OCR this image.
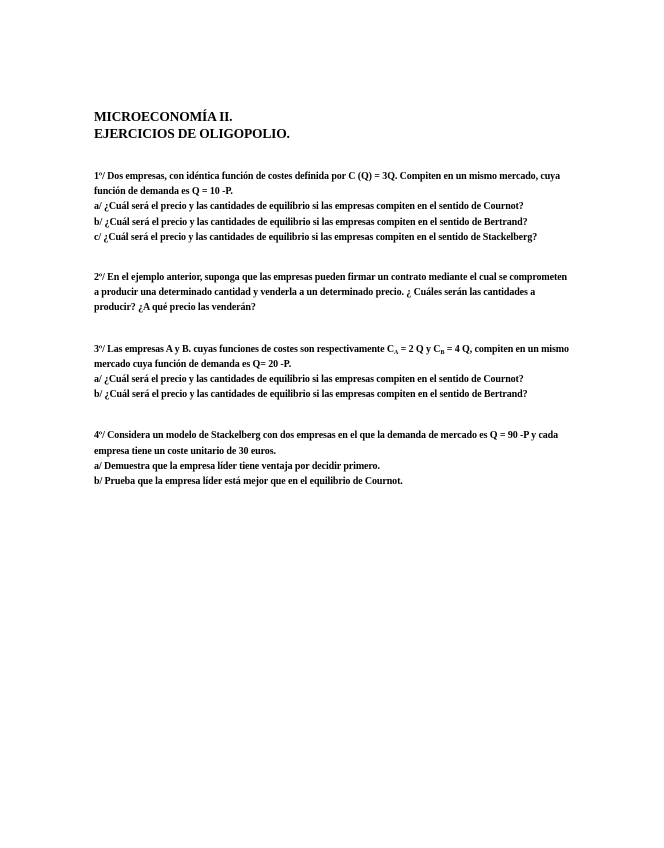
MICROECONOMÍA II.
EJERCICIOS DE OLIGOPOLIO.

1º/ Dos empresas, con idéntica función de costes definida por C (Q) = 3Q. Compiten en un mismo mercado, cuya función de demanda es Q = 10 -P.

a/ ¿Cuál será el precio y las cantidades de equilibrio si las empresas compiten en el sentido de Cournot?

b/ ¿Cuál será el precio y las cantidades de equilibrio si las empresas compiten en el sentido de Bertrand?

c/ ¿Cuál será el precio y las cantidades de equilibrio si las empresas compiten en el sentido de Stackelberg?

2º/ En el ejemplo anterior, suponga que las empresas pueden firmar un contrato mediante el cual se comprometen a producir una determinado cantidad y venderla a un determinado precio. ¿ Cuáles serán las cantidades a producir? ¿A qué precio las venderán?

3º/ Las empresas A y B. cuyas funciones de costes son respectivamente $C_A = 2$ Q y $C_B = 4$ Q, compiten en un mismo mercado cuya función de demanda es Q= 20 -P.

a/ ¿Cuál será el precio y las cantidades de equilibrio si las empresas compiten en el sentido de Cournot?

b/ ¿Cuál será el precio y las cantidades de equilibrio si las empresas compiten en el sentido de Bertrand?

4º/ Considera un modelo de Stackelberg con dos empresas en el que la demanda de mercado es Q = 90 -P y cada empresa tiene un coste unitario de 30 euros.

a/ Demuestra que la empresa líder tiene ventaja por decidir primero.

b/ Prueba que la empresa líder está mejor que en el equilibrio de Cournot.
